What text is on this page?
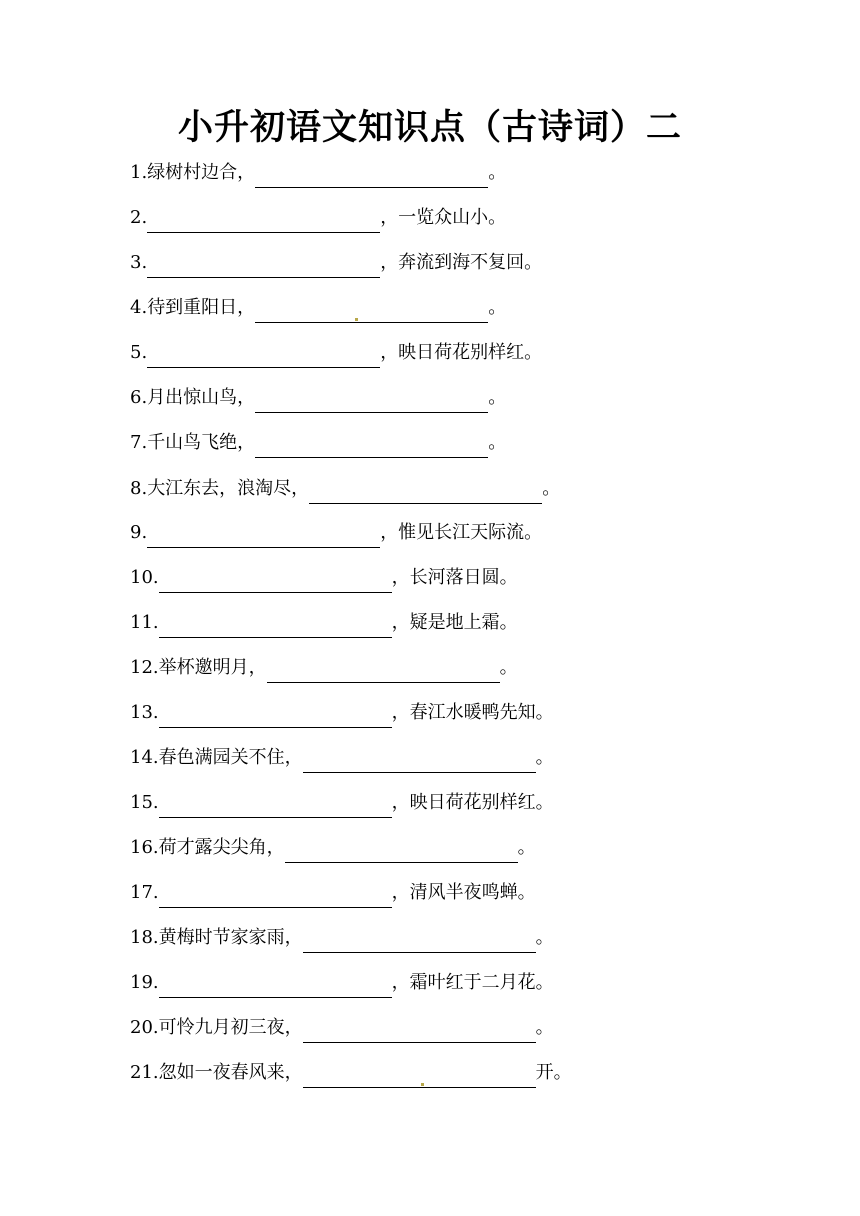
小升初语文知识点（古诗词）二
1. 绿树村边合，	。
2.	，一览众山小。
3.	，奔流到海不复回。
4. 待到重阳日，	。
5.	，映日荷花别样红。
6. 月出惊山鸟，	。
7. 千山鸟飞绝，	。
8. 大江东去，浪淘尽，	。
9.	，惟见长江天际流。
10.	，长河落日圆。
11.	，疑是地上霜。
12. 举杯邀明月，	。
13.	，春江水暖鸭先知。
14. 春色满园关不住，	。
15.	，映日荷花别样红。
16. 荷才露尖尖角，	。
17.	，清风半夜鸣蝉。
18. 黄梅时节家家雨，	。
19.	，霜叶红于二月花。
20. 可怜九月初三夜，	。
21. 忽如一夜春风来，	开。
